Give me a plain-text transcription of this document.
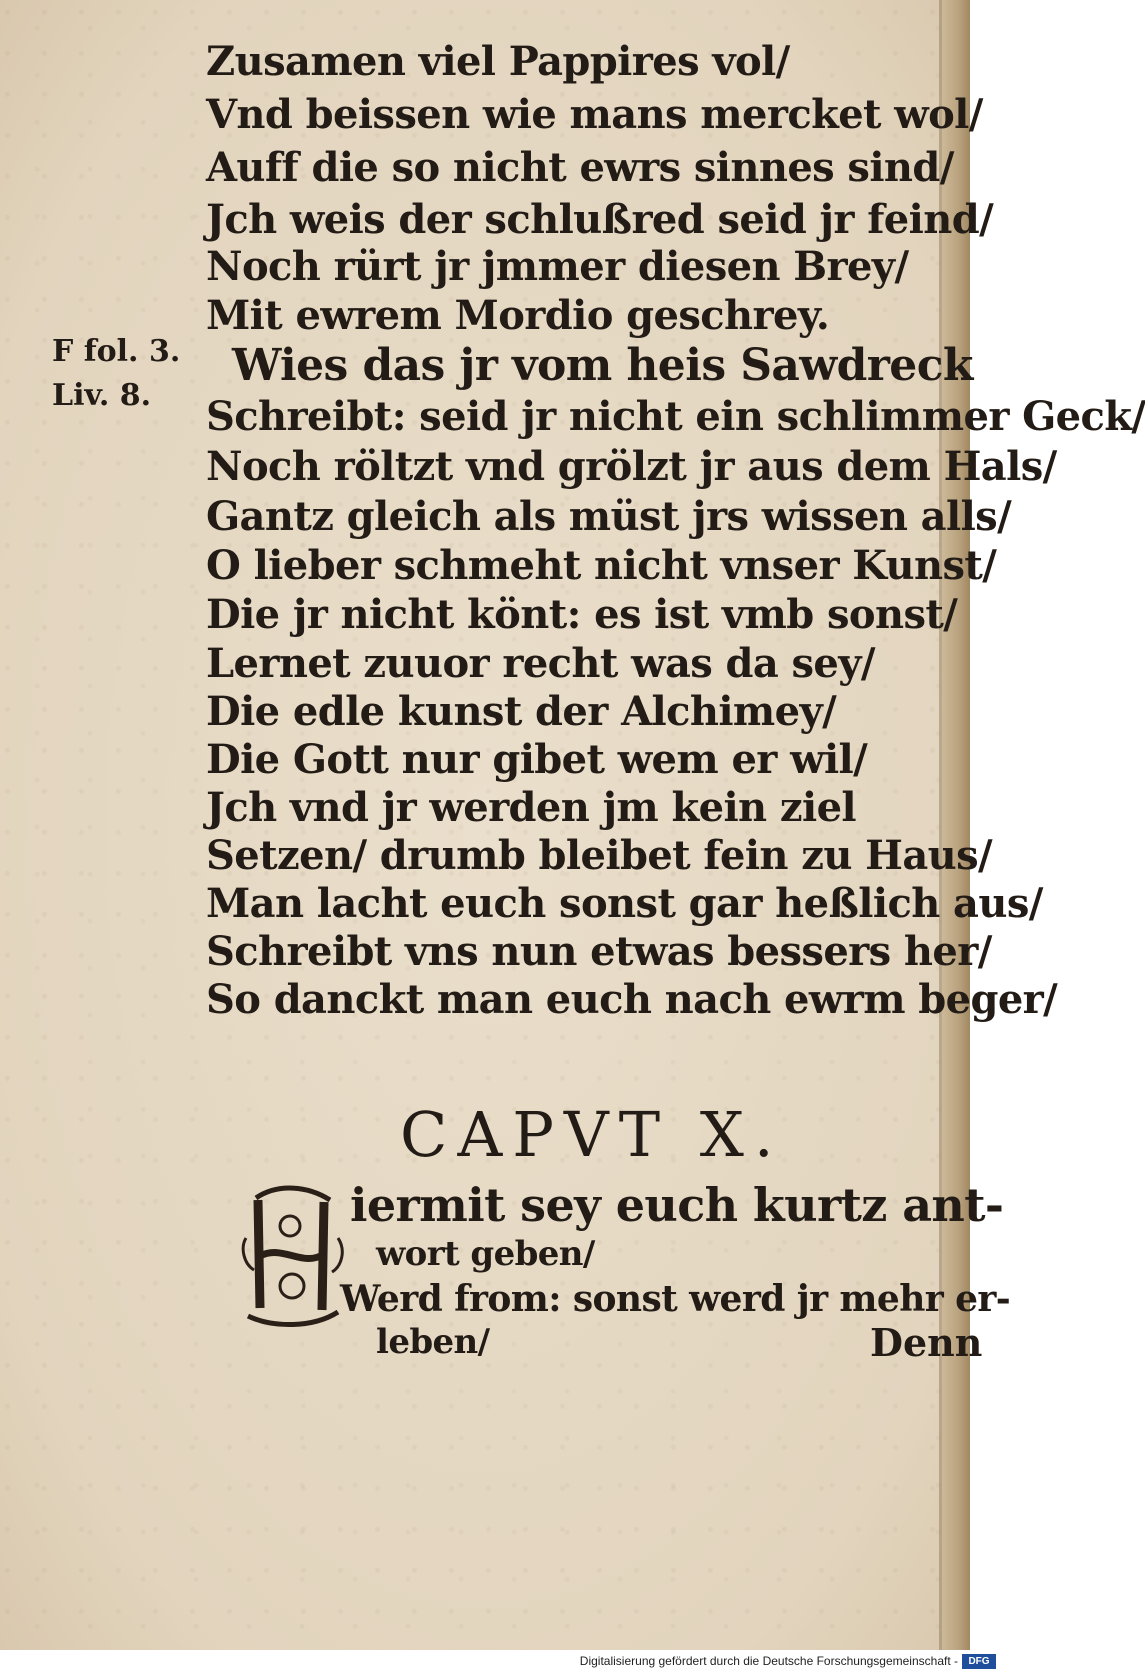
F fol. 3.
Liv. 8.
Zusamen viel Pappires vol/
Vnd beissen wie mans mercket wol/
Auff die so nicht ewrs sinnes sind/
Jch weis der schlußred seid jr feind/
Noch rürt jr jmmer diesen Brey/
Mit ewrem Mordio geschrey.
Wies das jr vom heis Sawdreck
Schreibt: seid jr nicht ein schlimmer Geck/
Noch röltzt vnd grölzt jr aus dem Hals/
Gantz gleich als müst jrs wissen alls/
O lieber schmeht nicht vnser Kunst/
Die jr nicht könt: es ist vmb sonst/
Lernet zuuor recht was da sey/
Die edle kunst der Alchimey/
Die Gott nur gibet wem er wil/
Jch vnd jr werden jm kein ziel
Setzen/ drumb bleibet fein zu Haus/
Man lacht euch sonst gar heßlich aus/
Schreibt vns nun etwas bessers her/
So danckt man euch nach ewrm beger/
CAPVT X.
iermit sey euch kurtz ant-
wort geben/
Werd from: sonst werd jr mehr er-
leben/	Denn
Digitalisierung gefördert durch die Deutsche Forschungsgemeinschaft -	DFG
